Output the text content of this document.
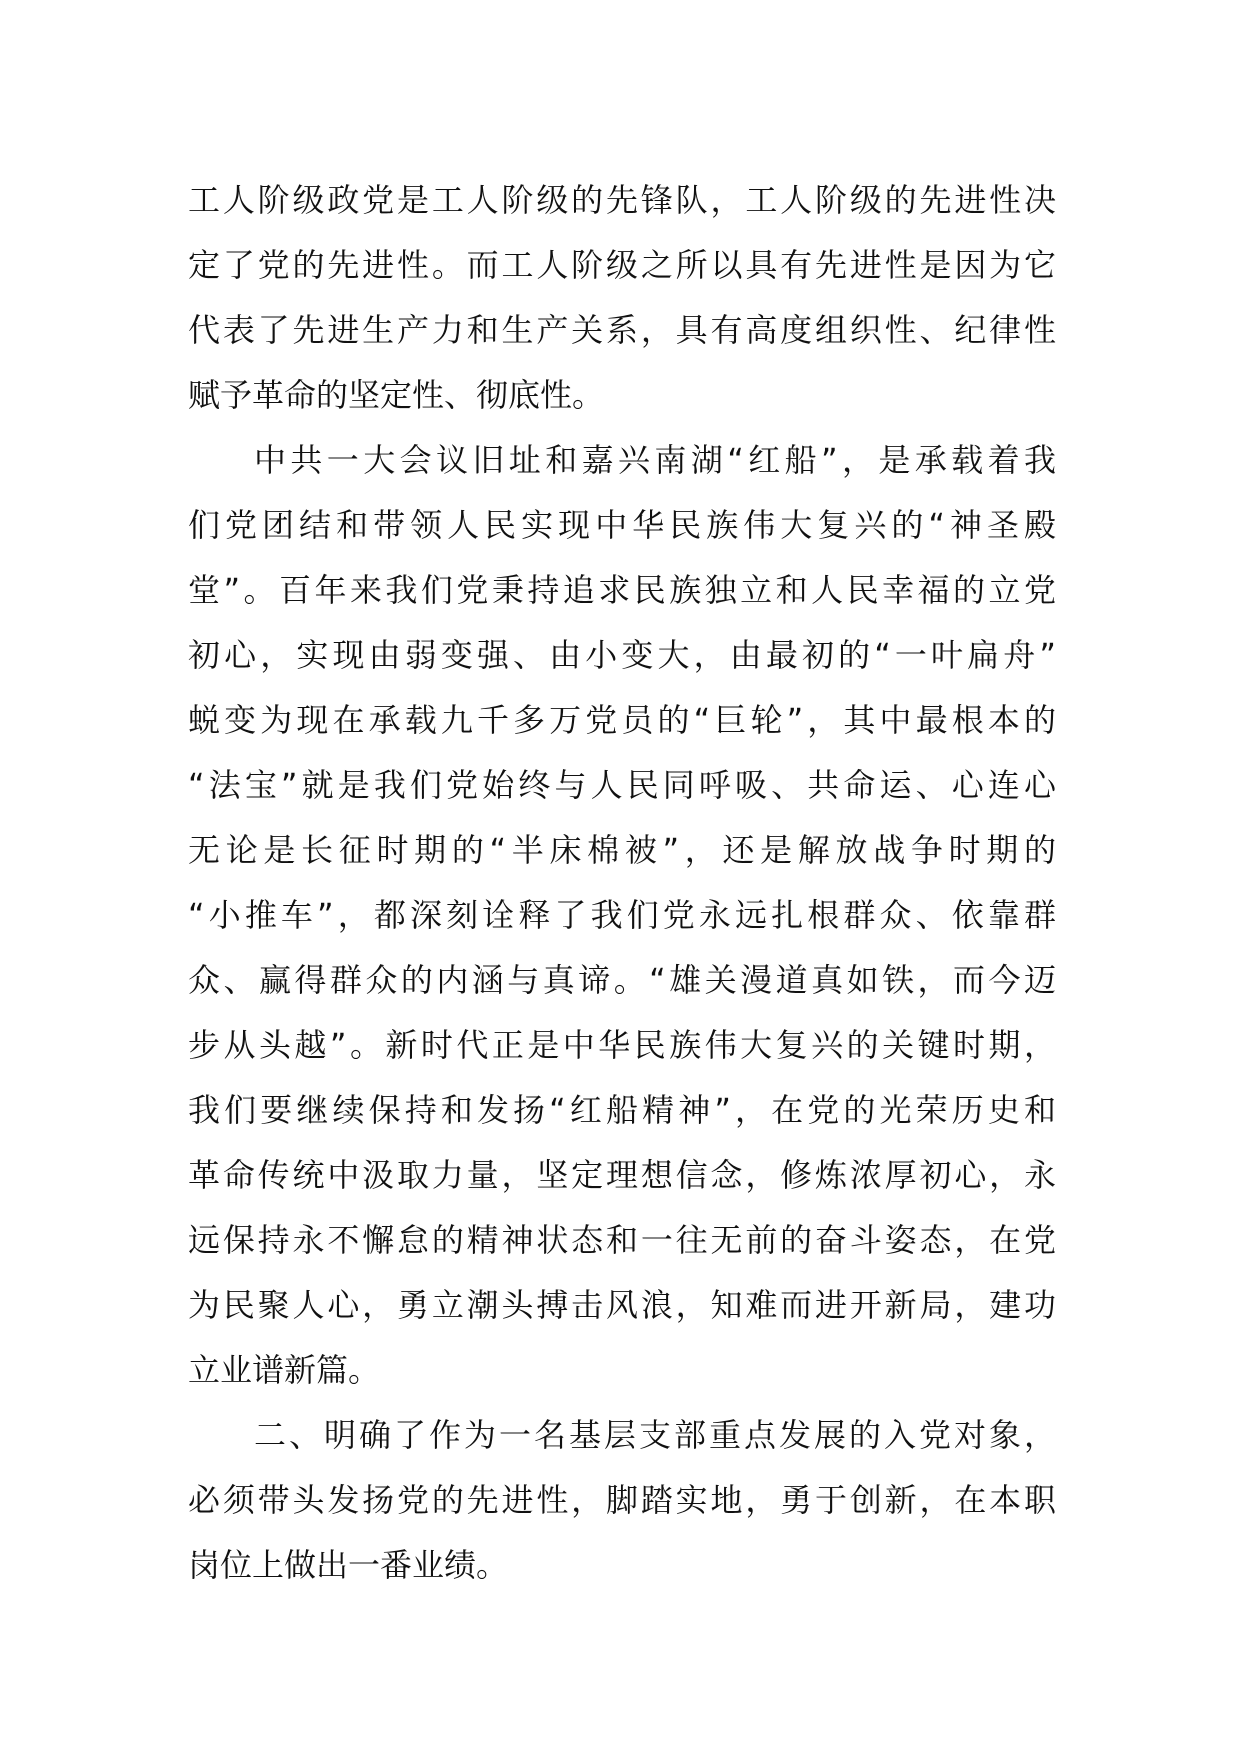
工人阶级政党是工人阶级的先锋队，工人阶级的先进性决
定了党的先进性。而工人阶级之所以具有先进性是因为它
代表了先进生产力和生产关系，具有高度组织性、纪律性
赋予革命的坚定性、彻底性。
中共一大会议旧址和嘉兴南湖“红船”，是承载着我
们党团结和带领人民实现中华民族伟大复兴的“神圣殿
堂”。百年来我们党秉持追求民族独立和人民幸福的立党
初心，实现由弱变强、由小变大，由最初的“一叶扁舟”
蜕变为现在承载九千多万党员的“巨轮”，其中最根本的
“法宝”就是我们党始终与人民同呼吸、共命运、心连心
无论是长征时期的“半床棉被”，还是解放战争时期的
“小推车”，都深刻诠释了我们党永远扎根群众、依靠群
众、赢得群众的内涵与真谛。“雄关漫道真如铁，而今迈
步从头越”。新时代正是中华民族伟大复兴的关键时期，
我们要继续保持和发扬“红船精神”，在党的光荣历史和
革命传统中汲取力量，坚定理想信念，修炼浓厚初心，永
远保持永不懈怠的精神状态和一往无前的奋斗姿态，在党
为民聚人心，勇立潮头搏击风浪，知难而进开新局，建功
立业谱新篇。
二、明确了作为一名基层支部重点发展的入党对象，
必须带头发扬党的先进性，脚踏实地，勇于创新，在本职
岗位上做出一番业绩。
